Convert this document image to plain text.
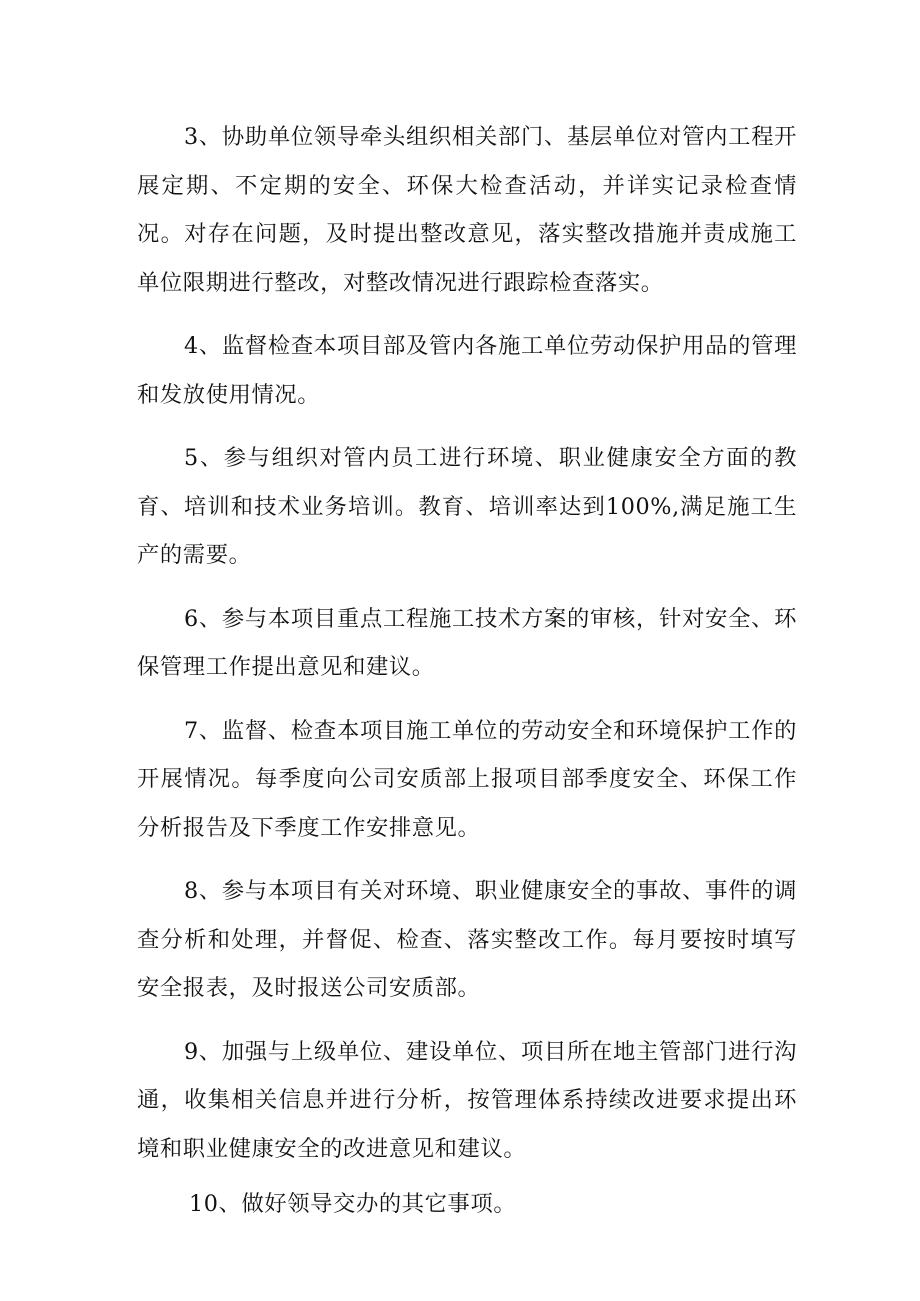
3、协助单位领导牵头组织相关部门、基层单位对管内工程开展定期、不定期的安全、环保大检查活动，并详实记录检查情况。对存在问题，及时提出整改意见，落实整改措施并责成施工单位限期进行整改，对整改情况进行跟踪检查落实。

4、监督检查本项目部及管内各施工单位劳动保护用品的管理和发放使用情况。

5、参与组织对管内员工进行环境、职业健康安全方面的教育、培训和技术业务培训。教育、培训率达到100%,满足施工生产的需要。

6、参与本项目重点工程施工技术方案的审核，针对安全、环保管理工作提出意见和建议。

7、监督、检查本项目施工单位的劳动安全和环境保护工作的开展情况。每季度向公司安质部上报项目部季度安全、环保工作分析报告及下季度工作安排意见。

8、参与本项目有关对环境、职业健康安全的事故、事件的调查分析和处理，并督促、检查、落实整改工作。每月要按时填写安全报表，及时报送公司安质部。

9、加强与上级单位、建设单位、项目所在地主管部门进行沟通，收集相关信息并进行分析，按管理体系持续改进要求提出环境和职业健康安全的改进意见和建议。

10、做好领导交办的其它事项。
